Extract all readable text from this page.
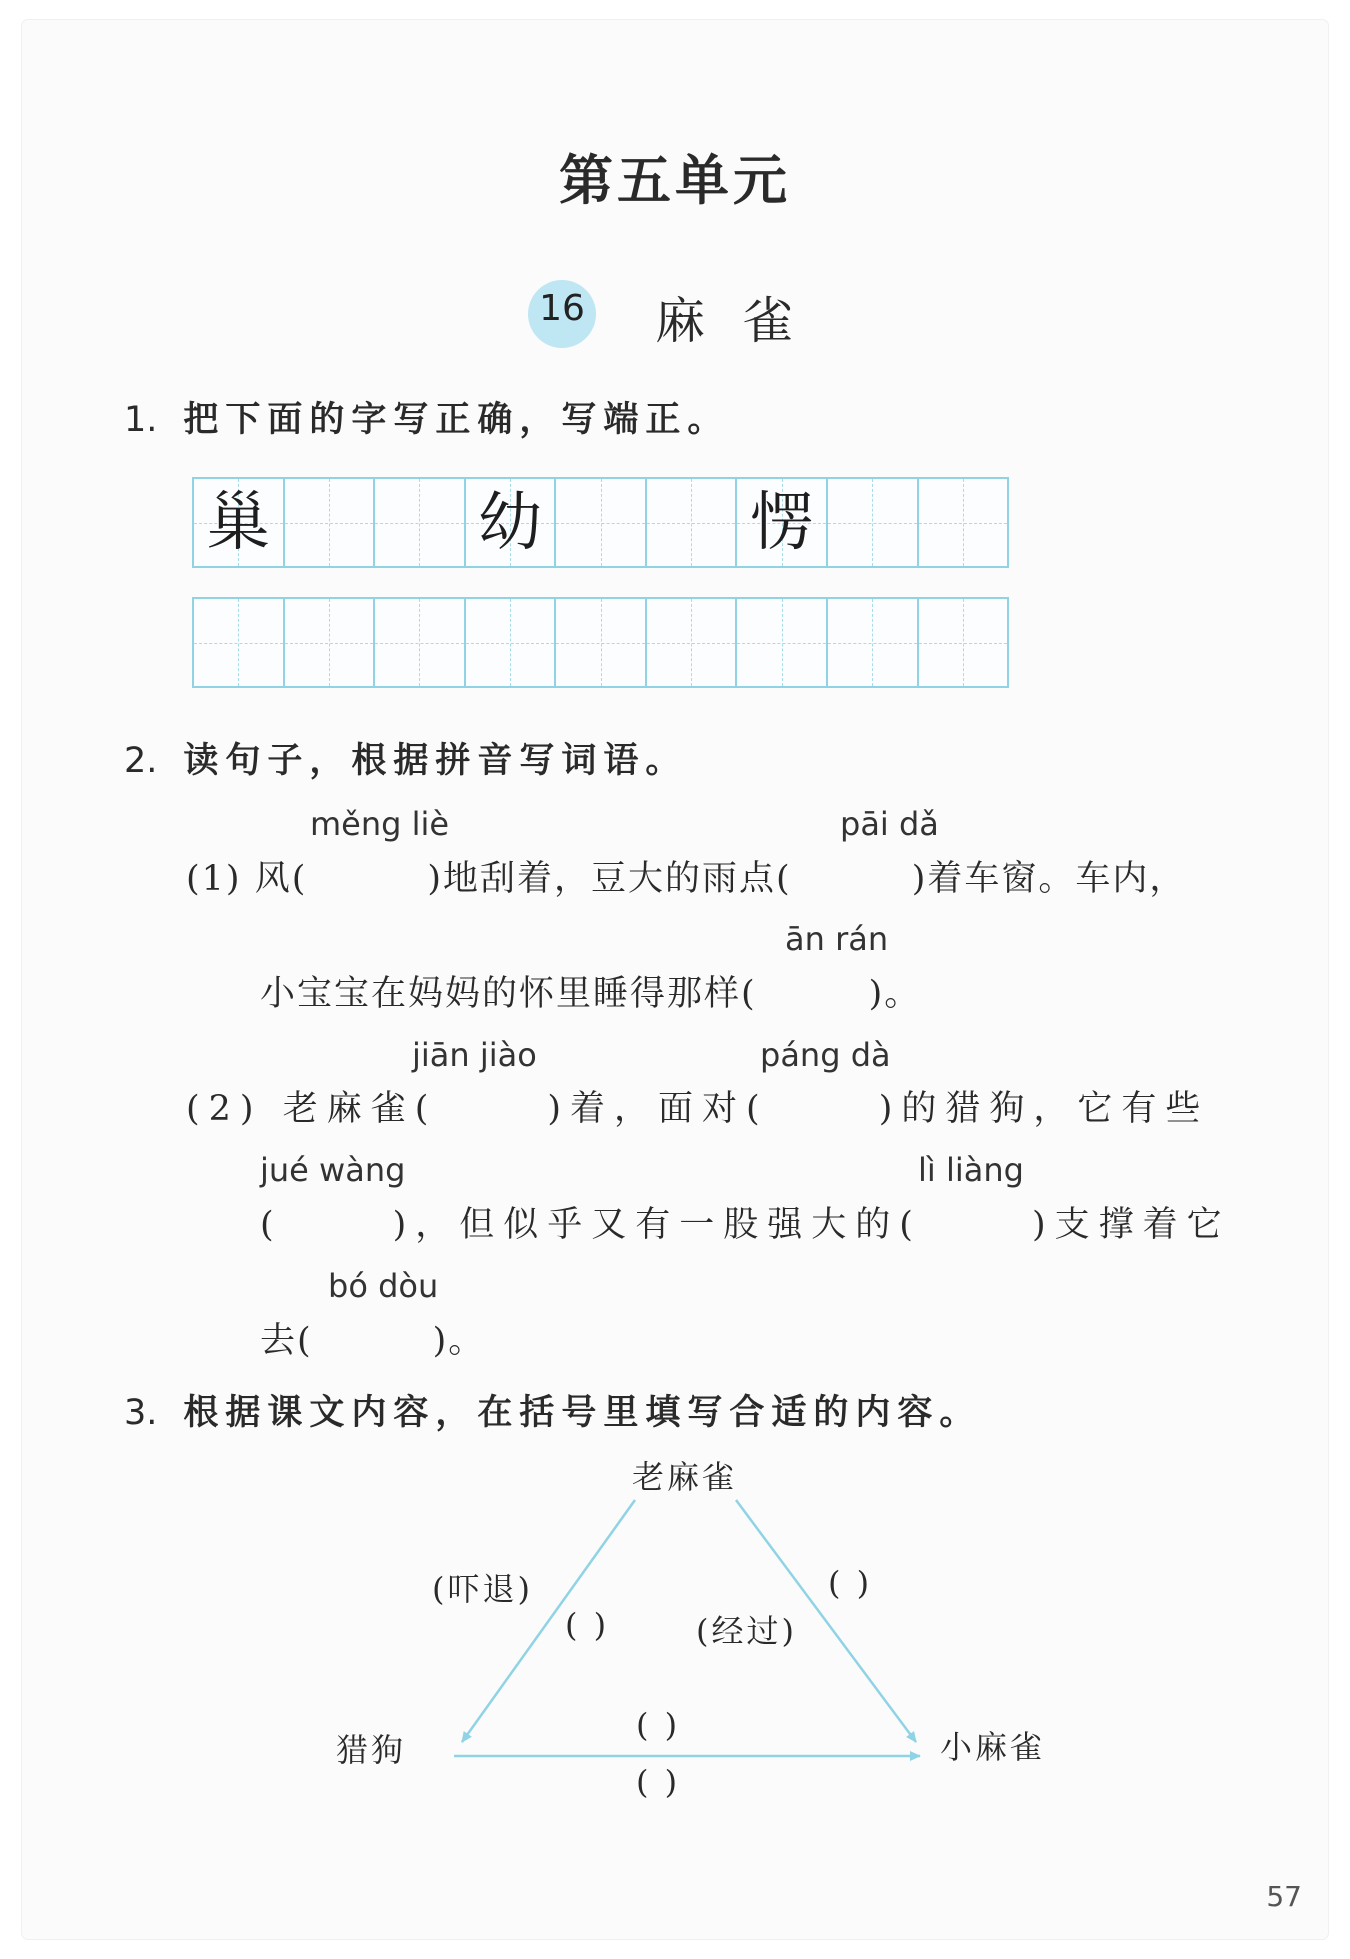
第五单元
16 麻雀
1. 把下面的字写正确，写端正。
巢	幼	愣
2. 读句子，根据拼音写词语。
měng liè	pāi dǎ
(1) 风(	)地刮着，豆大的雨点(	)着车窗。车内，
ān rán
小宝宝在妈妈的怀里睡得那样(	)。
jiān jiào	páng dà
(2) 老麻雀(	)着，面对(	)的猎狗，它有些
jué wàng	lì liàng
(	)，但似乎又有一股强大的(	)支撑着它
bó dòu
去(	)。
3. 根据课文内容，在括号里填写合适的内容。
老麻雀
猎狗	小麻雀
(吓退)
( )
( )
(经过)
( )
( )
57
